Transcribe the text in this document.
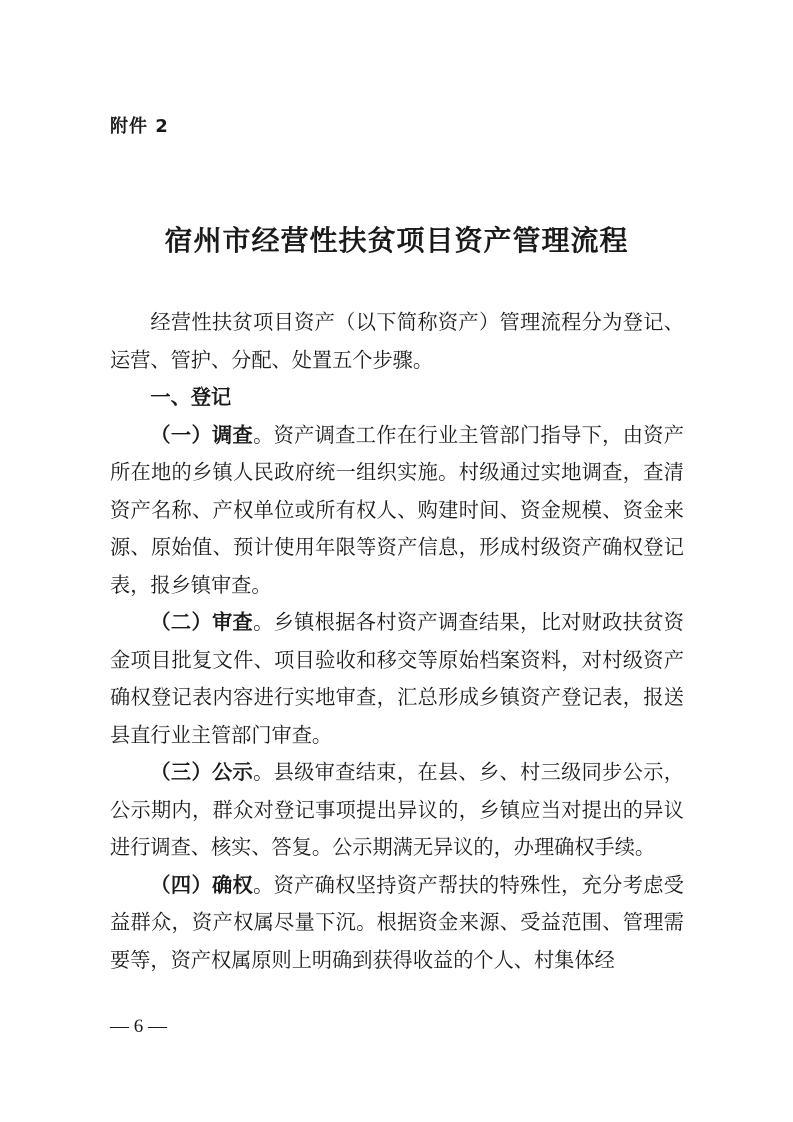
附件 2
宿州市经营性扶贫项目资产管理流程

经营性扶贫项目资产（以下简称资产）管理流程分为登记、运营、管护、分配、处置五个步骤。

一、登记

（一）调查。资产调查工作在行业主管部门指导下，由资产所在地的乡镇人民政府统一组织实施。村级通过实地调查，查清资产名称、产权单位或所有权人、购建时间、资金规模、资金来源、原始值、预计使用年限等资产信息，形成村级资产确权登记表，报乡镇审查。

（二）审查。乡镇根据各村资产调查结果，比对财政扶贫资金项目批复文件、项目验收和移交等原始档案资料，对村级资产确权登记表内容进行实地审查，汇总形成乡镇资产登记表，报送县直行业主管部门审查。

（三）公示。县级审查结束，在县、乡、村三级同步公示，公示期内，群众对登记事项提出异议的，乡镇应当对提出的异议进行调查、核实、答复。公示期满无异议的，办理确权手续。

（四）确权。资产确权坚持资产帮扶的特殊性，充分考虑受益群众，资产权属尽量下沉。根据资金来源、受益范围、管理需要等，资产权属原则上明确到获得收益的个人、村集体经

— 6 —
